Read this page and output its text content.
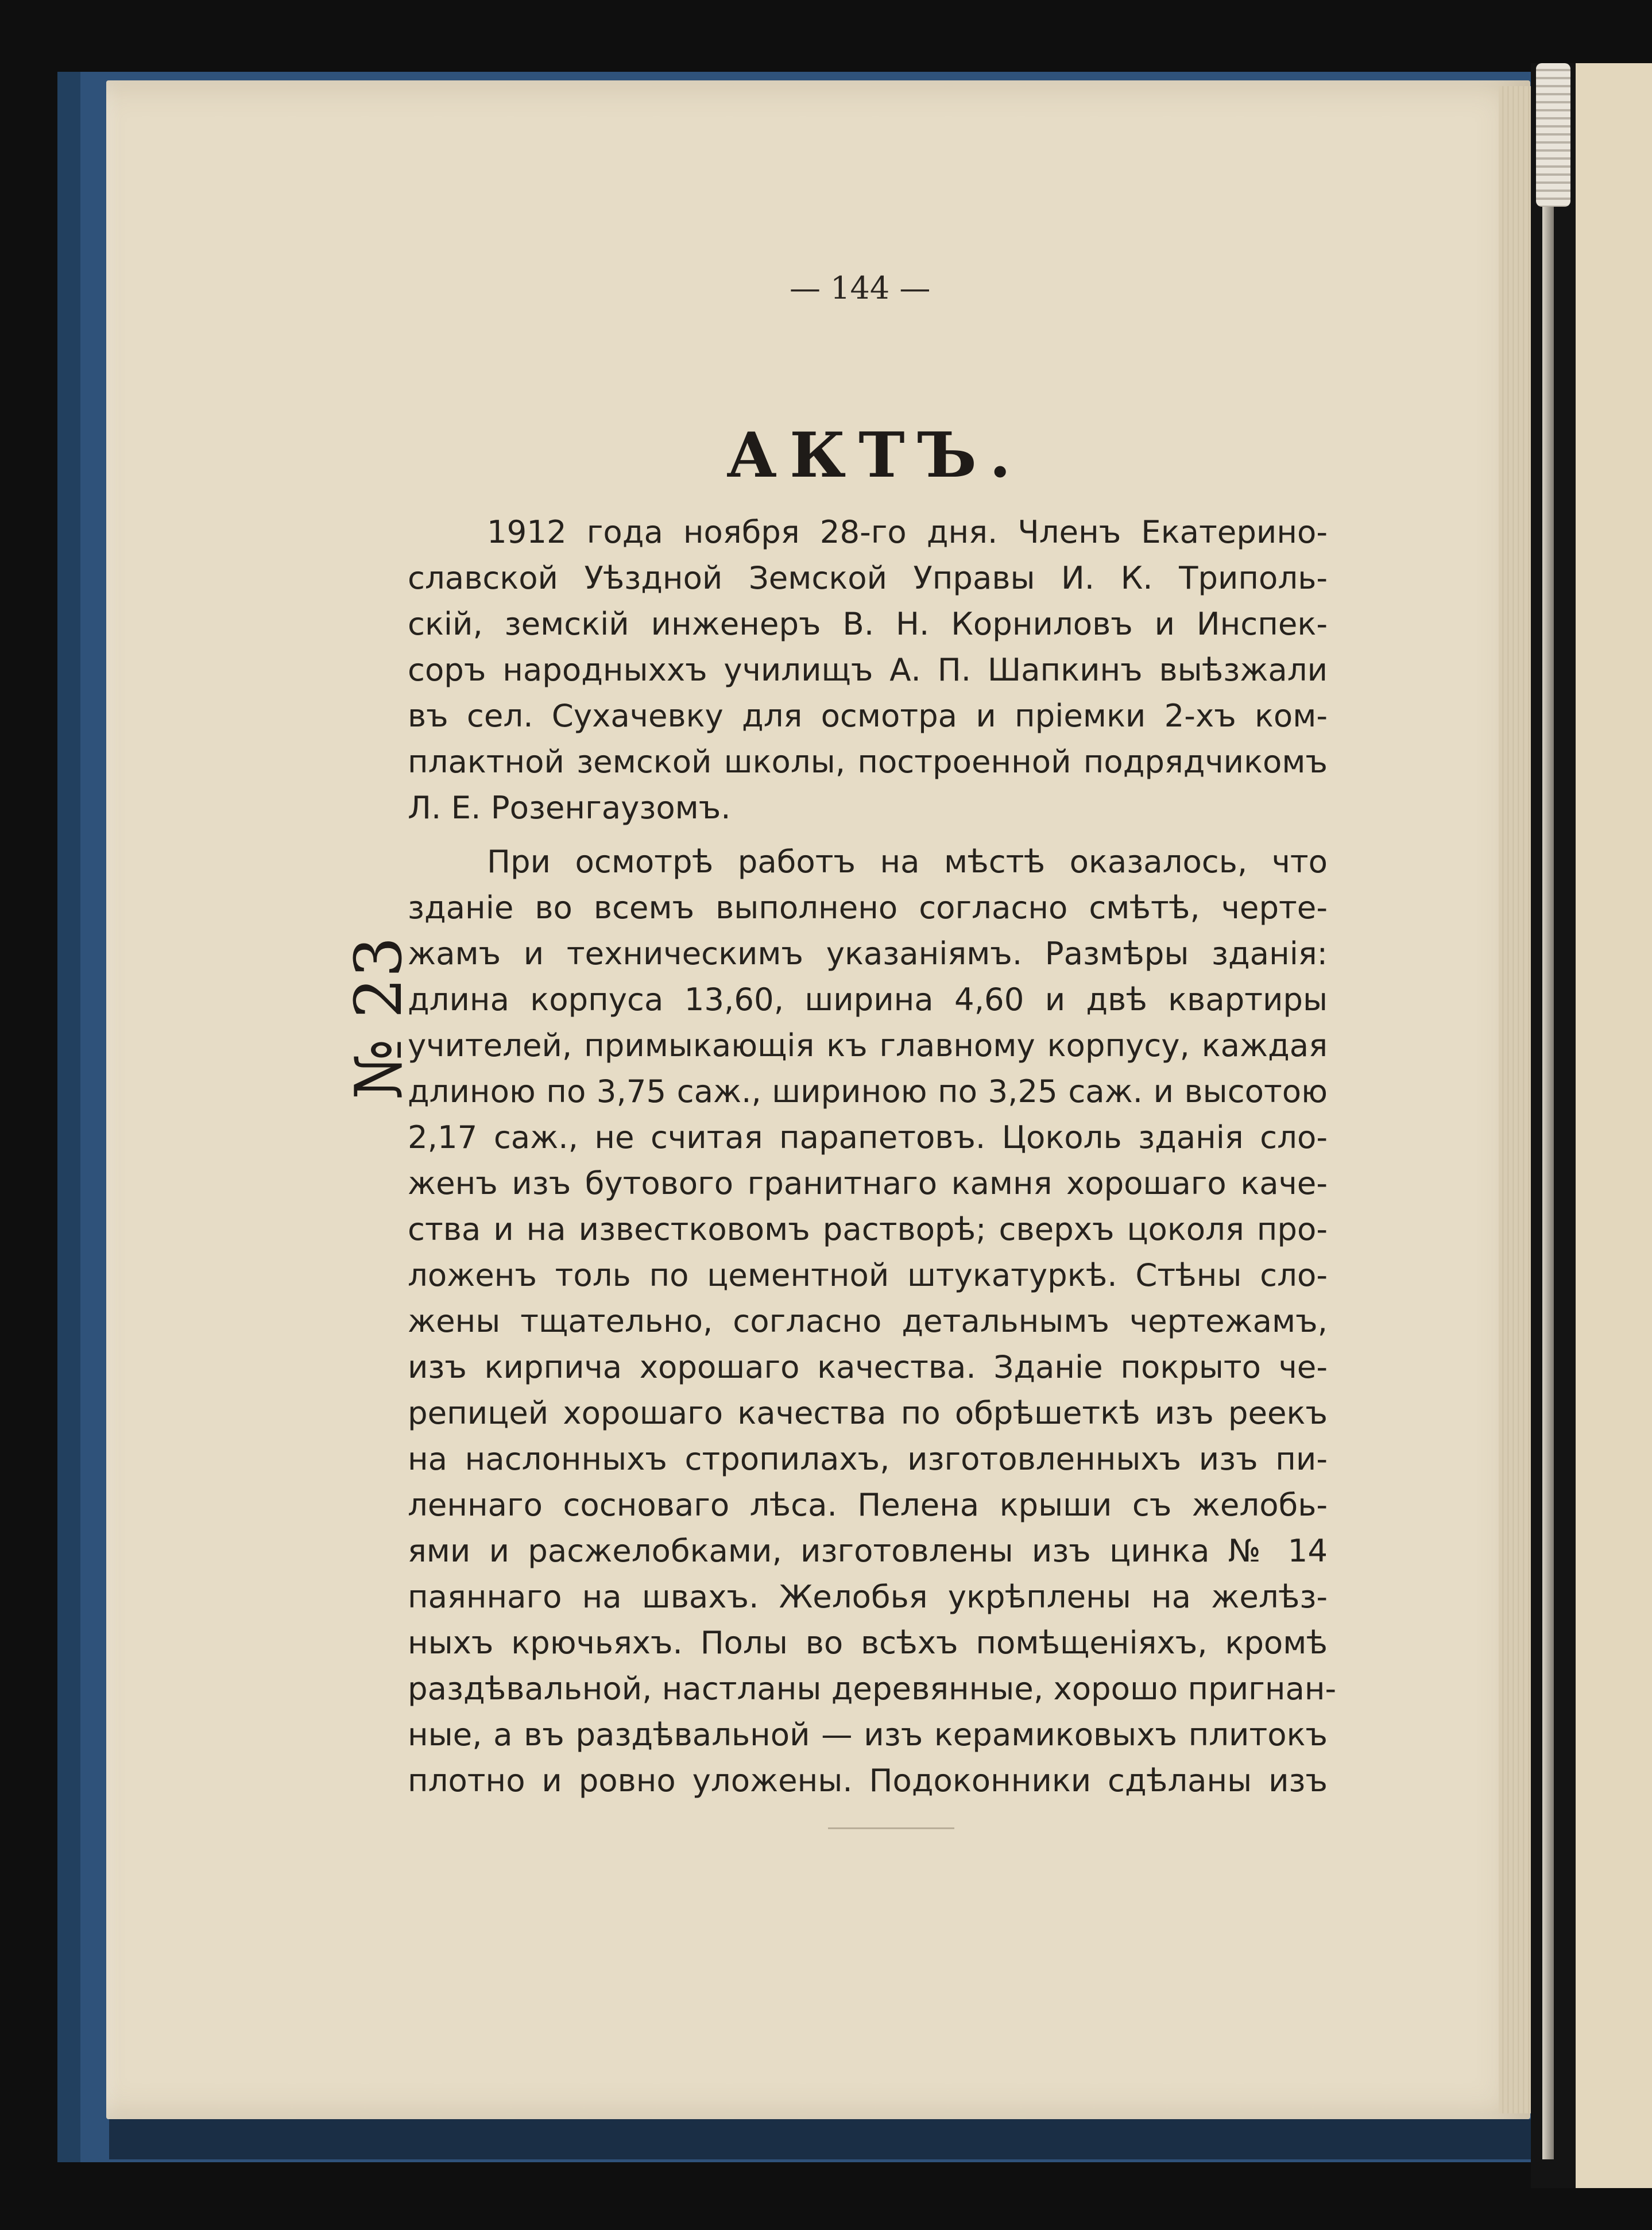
— 144 —
АКТЪ.
№ 23
1912 года ноября 28-го дня. Членъ Екатерино-
славской Уѣздной Земской Управы И. К. Триполь-
скій, земскій инженеръ В. Н. Корниловъ и Инспек-
соръ народныххъ училищъ А. П. Шапкинъ выѣзжали
въ сел. Сухачевку для осмотра и пріемки 2-хъ ком-
плактной земской школы, построенной подрядчикомъ
Л. Е. Розенгаузомъ.
При осмотрѣ работъ на мѣстѣ оказалось, что
зданіе во всемъ выполнено согласно смѣтѣ, черте-
жамъ и техническимъ указаніямъ. Размѣры зданія:
длина корпуса 13,60, ширина 4,60 и двѣ квартиры
учителей, примыкающія къ главному корпусу, каждая
длиною по 3,75 саж., шириною по 3,25 саж. и высотою
2,17 саж., не считая парапетовъ. Цоколь зданія сло-
женъ изъ бутового гранитнаго камня хорошаго каче-
ства и на известковомъ растворѣ; сверхъ цоколя про-
ложенъ толь по цементной штукатуркѣ. Стѣны сло-
жены тщательно, согласно детальнымъ чертежамъ,
изъ кирпича хорошаго качества. Зданіе покрыто че-
репицей хорошаго качества по обрѣшеткѣ изъ реекъ
на наслонныхъ стропилахъ, изготовленныхъ изъ пи-
леннаго сосноваго лѣса. Пелена крыши съ желобь-
ями и расжелобками, изготовлены изъ цинка № 14
паяннаго на швахъ. Желобья укрѣплены на желѣз-
ныхъ крючьяхъ. Полы во всѣхъ помѣщеніяхъ, кромѣ
раздѣвальной, настланы деревянные, хорошо пригнан-
ные, а въ раздѣвальной — изъ керамиковыхъ плитокъ
плотно и ровно уложены. Подоконники сдѣланы изъ
